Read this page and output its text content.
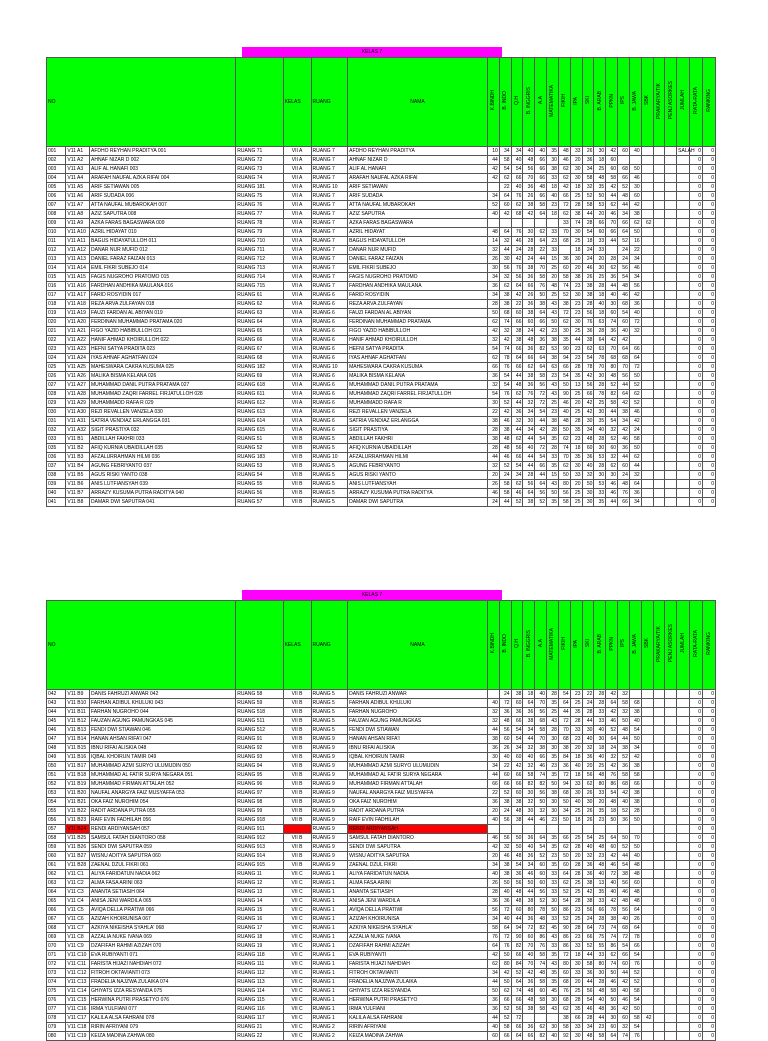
KELAS 7
NO				KELAS	RUANG	NAMA	K.BINDH	B. INDO	Q.H	B. INGGRIS	A.A	MATEMATIKA	FIKIH	IPA	SKI	B. ARAB	PPKN	IPS	B. JAWA	SBK	PRAKARYA/TIK	PENJ ASORKES	JUMLAH	RATA-RATA	RANKING
001	V11 A1	AFDHO REYHAN PRADITYA 001	RUANG 71	VII A	RUANG 7	AFDHO REYHAN PRADITYA	10	34	34	40	40	35	48	33	26	30	42	60	40				SALAH	0	0
002	V11 A2	AHNAF NIZAR D 002	RUANG 72	VII A	RUANG 7	AHNAF NIZAR D	44	58	40	48	66	30	46	20	36	18	60							0	0
003	V11 A3	ALIF AL HANAFI 003	RUANG 73	VII A	RUANG 7	ALIF AL HANAFI	42	54	54	56	66	38	62	30	34	25	60	68	50					0	0
004	V11 A4	ARAFAH NAUFAL AZKA RIFAI 004	RUANG 74	VII A	RUANG 7	ARAFAH NAUFAL AZKA RIFAI	42	62	66	70	66	33	62	30	58	48	58	66	46					0	0
005	V11 A5	ARIF SETIAWAN 005	RUANG 181	VII A	RUANG 10	ARIF SETIAWAN		22	40	36	48	18	42	18	32	35	42	52	30					0	0
006	V11 A6	ARIF SUDADA 006	RUANG 75	VII A	RUANG 7	ARIF SUDADA	34	64	76	26	66	40	66	25	52	50	44	48	60					0	0
007	V11 A7	ATTA NAUFAL MUBAROKAH 007	RUANG 76	VII A	RUANG 7	ATTA NAUFAL MUBAROKAH	52	60	62	38	58	23	72	28	58	53	62	44	42					0	0
008	V11 A8	AZIZ SAPUTRA 008	RUANG 77	VII A	RUANG 7	AZIZ SAPUTRA	40	42	68	42	64	18	62	38	44	20	46	34	38					0	0
009	V11 A9	AZKA FARAS BAGASWARA 009	RUANG 78	VII A	RUANG 7	AZKA FARAS BAGASWARA							33	74	28	66	70	66	62	62				0	0
010	V11 A10	AZRIL HIDAYAT 010	RUANG 79	VII A	RUANG 7	AZRIL HIDAYAT	48	64	76	30	62	33	70	30	54	60	66	64	50					0	0
011	V11 A11	BAGUS HIDAYATULLOH 011	RUANG 710	VII A	RUANG 7	BAGUS HIDAYATULLOH	14	32	46	28	64	23	68	25	18	33	44	52	16					0	0
012	V11 A12	DANAR NUR MUFID 012	RUANG 711	VII A	RUANG 7	DANAR NUR MUFID	32	44	24	28	22	33		18	24	33		24	22					0	0
013	V11 A13	DANIEL FARAZ FAIZAN 013	RUANG 712	VII A	RUANG 7	DANIEL FARAZ FAIZAN	26	30	42	24	44	15	36	30	24	20	28	24	34					0	0
014	V11 A14	EMIL FIKRI SUBEJO 014	RUANG 713	VII A	RUANG 7	EMIL FIKRI SUBEJO	30	56	76	38	70	25	60	20	46	30	62	56	46					0	0
015	V11 A15	FAGIS NUGROHO PRATOMO 015	RUANG 714	VII A	RUANG 7	FAGIS NUGROHO PRATOMO	34	32	56	36	58	20	58	38	26	25	36	54	34					0	0
016	V11 A16	FARDHAN ANDHIKA MAULANA 016	RUANG 715	VII A	RUANG 7	FARDHAN ANDHIKA MAULANA	36	62	64	66	76	48	74	23	38	28	44	48	56					0	0
017	V11 A17	FARID ROSYIDIN 017	RUANG 61	VII A	RUANG 6	FARID ROSYIDIN	34	38	42	26	50	25	52	30	38	18	40	46	42					0	0
018	V11 A18	REZA ARVA ZULFAYAN 018	RUANG 62	VII A	RUANG 6	REZA ARVA ZULFAYAN	28	38	22	36	38	43	38	23	28	40	30	68	36					0	0
019	V11 A19	FAUZI FARDAN AL ABIYAN 019	RUANG 63	VII A	RUANG 6	FAUZI FARDAN AL ABIYAN	50	68	60	38	64	43	72	23	56	18	60	54	40					0	0
020	V11 A20	FERDINAN MUHAMMAD PRATAMA 020	RUANG 64	VII A	RUANG 6	FERDINAN MUHAMMAD PRATAMA	62	74	66	60	66	50	62	30	76	63	74	60	72					0	0
021	V11 A21	FIGO YAZID HABIBULLOH 021	RUANG 65	VII A	RUANG 6	FIGO YAZID HABIBULLOH	42	32	38	24	42	23	30	25	36	28	36	40	32					0	0
022	V11 A22	HANIF AHMAD KHOIRULLOH 022	RUANG 66	VII A	RUANG 6	HANIF AHMAD KHOIRULLOH	32	42	38	48	36	38	35	44	38	64	42	42						0	0
023	V11 A23	HEFNI SATYA PRADITA 023	RUANG 67	VII A	RUANG 6	HEFNI SATYA PRADITA	54	74	66	36	82	53	90	23	62	63	70	64	66					0	0
024	V11 A24	IYAS AHNAF AGHATFAN 024	RUANG 68	VII A	RUANG 6	IYAS AHNAF AGHATFAN	62	78	64	66	64	38	94	23	54	78	68	68	64					0	0
025	V11 A25	MAHESWARA CAKRA KUSUMA 025	RUANG 182	VII A	RUANG 10	MAHESWARA CAKRA KUSUMA	66	76	66	62	64	63	66	28	78	70	80	70	72					0	0
026	V11 A26	MALIKA BISMA KELANA 026	RUANG 69	VII A	RUANG 6	MALIKA BISMA KELANA	36	54	44	38	58	23	54	35	42	30	48	56	50					0	0
027	V11 A27	MUHAMMAD DANIL PUTRA PRATAMA 027	RUANG 618	VII A	RUANG 6	MUHAMMAD DANIL PUTRA PRATAMA	32	54	48	36	56	43	50	13	56	28	52	44	52					0	0
028	V11 A28	MUHAMMAD ZAQRI FARREL FIRJATULLOH 028	RUANG 611	VII A	RUANG 6	MUHAMMAD ZAQRI FARREL FIRJATULLOH	54	76	62	76	72	43	90	25	66	78	82	64	62					0	0
029	V11 A29	MUHAMMADD RAFA R 029	RUANG 612	VII A	RUANG 6	MUHAMMADD RAFA R	30	52	44	32	72	25	46	20	42	25	58	42	52					0	0
030	V11 A30	REZI REVALLEN VANZELA 030	RUANG 613	VII A	RUANG 6	REZI REVALLEN VANZELA	22	42	36	34	54	23	40	25	42	30	44	38	46					0	0
031	V11 A31	SATRIA VENDIAZ ERLANGGA 031	RUANG 614	VII A	RUANG 6	SATRIA VENDIAZ ERLANGGA	38	46	32	30	44	38	48	28	30	35	54	34	42					0	0
032	V11 A32	SIGIT PRASTIYA 032	RUANG 615	VII A	RUANG 6	SIGIT PRASTIYA	28	38	44	34	42	28	50	35	34	40	32	42	24					0	0
033	V11 B1	ABDILLAH FAKHRI 033	RUANG 51	VII B	RUANG 5	ABDILLAH FAKHRI	38	48	62	44	54	35	62	23	48	28	52	46	58					0	0
035	V11 B2	AFIQ KURNIA UBAIDILLAH 035	RUANG 52	VII B	RUANG 5	AFIQ KURNIA UBAIDILLAH	28	48	56	40	72	28	74	18	60	30	60	36	50					0	0
036	V11 B3	AFZALURRAHMAN HILMI 036	RUANG 183	VII B	RUANG 10	AFZALURRAHMAN HILMI	44	46	66	44	54	33	70	35	36	53	32	44	62					0	0
037	V11 B4	AGUNG FEBRIYANTO 037	RUANG 53	VII B	RUANG 5	AGUNG FEBRIYANTO	32	52	54	44	66	35	62	30	40	28	62	60	44					0	0
038	V11 B5	AGUS RISKI YANTO 038	RUANG 54	VII B	RUANG 5	AGUS RISKI YANTO	20	24	34	28	44	15	50	33	32	30	30	24	32					0	0
039	V11 B6	ANIS LUTFIANSYAH 039	RUANG 55	VII B	RUANG 5	ANIS LUTFIANSYAH	26	58	62	56	64	43	80	20	50	53	46	48	64					0	0
040	V11 B7	ARRAZY KUSUMA PUTRA RADITYA 040	RUANG 56	VII B	RUANG 5	ARRAZY KUSUMA PUTRA RADITYA	46	58	46	64	56	50	56	25	30	33	46	76	36					0	0
041	V11 B8	DAMAR DWI SAPUTRA 041	RUANG 57	VII B	RUANG 5	DAMAR DWI SAPUTRA	24	44	52	38	52	35	58	25	30	35	44	66	34					0	0
KELAS 7
NO				KELAS	RUANG	NAMA	K.BINDH	B. INDO	Q.H	B. INGGRIS	A.A	MATEMATIKA	FIKIH	IPA	SKI	B. ARAB	PPKN	IPS	B. JAWA	SBK	PRAKARYA/TIK	PENJ ASORKES	JUMLAH	RATA-RATA	RANKING
042	V11 B9	DANIS FAHRUZI ANWAR 042	RUANG 58	VII B	RUANG 5	DANIS FAHRUZI ANWAR		24	38	18	40	28	54	23	22	28	42	32						0	0
043	V11 B10	FARHAN ADIBUL KHULUKI 043	RUANG 59	VII B	RUANG 5	FARHAN ADIBUL KHULUKI	40	72	60	64	70	35	64	25	24	28	64	58	68					0	0
044	V11 B11	FARHAN NUGROHO 044	RUANG 518	VII B	RUANG 5	FARHAN NUGROHO	32	36	36	36	56	25	44	35	28	33	42	32	38					0	0
045	V11 B12	FAUZAN AGUNG PAMUNGKAS 045	RUANG 511	VII B	RUANG 5	FAUZAN AGUNG PAMUNGKAS	32	48	66	38	68	43	72	28	44	33	46	50	40					0	0
046	V11 B13	FENDI DWI STIAWAN 046	RUANG 512	VII B	RUANG 5	FENDI DWI STIAWAN	44	56	54	34	58	28	70	33	30	40	52	48	54					0	0
047	V11 B14	HANAN AHSAN RIFA'I 047	RUANG 91	VII B	RUANG 9	HANAN AHSAN RIFA'I	38	60	54	44	70	30	68	23	40	30	64	44	50					0	0
048	V11 B15	IBNU RIFAI ALISKIA 048	RUANG 92	VII B	RUANG 9	IBNU RIFAI ALISKIA	36	26	34	32	38	30	38	20	32	18	24	38	34					0	0
049	V11 B16	IQBAL KHOIRUN TAMIR 049	RUANG 93	VII B	RUANG 9	IQBAL KHOIRUN TAMIR	30	40	60	40	66	35	84	18	36	40	32	52	42					0	0
050	V11 B17	MUHAMMAD AZMI SURYO ULUMUDIN 050	RUANG 94	VII B	RUANG 9	MUHAMMAD AZMI SURYO ULUMUDIN	34	22	42	32	46	23	36	40	20	25	42	36	38					0	0
051	V11 B18	MUHAMMAD AL FATIR SURYA NEGARA 051	RUANG 95	VII B	RUANG 9	MUHAMMAD AL FATIR SURYA NEGARA	44	60	66	58	74	35	72	18	56	48	76	58	58					0	0
052	V11 B19	MUHAMMAD FIRMAN ATTALAH 052	RUANG 96	VII B	RUANG 9	MUHAMMAD FIRMAN ATTALAH	66	66	66	82	82	50	94	33	62	80	86	68	66					0	0
053	V11 B20	NAUFAL ANARGYA FAIZ MUSYAFFA 053	RUANG 97	VII B	RUANG 9	NAUFAL ANARGYA FAIZ MUSYAFFA	22	52	60	30	56	38	68	30	26	33	54	42	38					0	0
054	V11 B21	OKA FAIZ NUROHIM 054	RUANG 98	VII B	RUANG 9	OKA FAIZ NUROHIM	36	38	38	32	50	30	50	40	30	20	48	40	38					0	0
055	V11 B22	RADIT ARDANA PUTRA 055	RUANG 99	VII B	RUANG 9	RADIT ARDANA PUTRA	20	24	48	30	32	30	34	25	26	35	18	52	28					0	0
056	V11 B23	RAIF EVIN FADHILAH 056	RUANG 918	VII B	RUANG 9	RAIF EVIN FADHILAH	40	56	38	44	46	23	50	18	26	23	50	36	50					0	0
057	V11 B24	RENDI ARDIYANSAH 057	RUANG 911	VII B	RUANG 9	RENDI ARDIYANSAH																		0	0
058	V11 B25	SAMSUL FATAH DIANTORO 058	RUANG 912	VII B	RUANG 9	SAMSUL FATAH DIANTORO	46	56	50	36	64	35	66	25	54	25	64	50	70					0	0
059	V11 B26	SENDI DWI SAPUTRA 059	RUANG 913	VII B	RUANG 9	SENDI DWI SAPUTRA	42	32	50	40	54	35	62	28	40	48	60	52	50					0	0
060	V11 B27	WISNU ADITYA SAPUTRA 060	RUANG 914	VII B	RUANG 9	WISNU ADITYA SAPUTRA	20	46	48	36	52	23	50	20	32	23	42	44	40					0	0
061	V11 B28	ZAENAL DZUL FIKRI 061	RUANG 915	VII B	RUANG 9	ZAENAL DZUL FIKRI	34	38	54	34	60	35	60	28	36	48	46	54	48					0	0
062	V11 C1	ALIYA FARIDATUN NADIA 062	RUANG 11	VII C	RUANG 1	ALIYA FARIDATUN NADIA	40	38	36	46	60	33	64	28	36	40	72	38	48					0	0
063	V11 C2	ALMA FASA ARINI 063	RUANG 12	VII C	RUANG 1	ALMA FASA ARINI	26	50	56	50	60	33	62	25	38	13	40	56	60					0	0
064	V11 C3	ANANTA SETIASIH 064	RUANG 13	VII C	RUANG 1	ANANTA SETIASIH	28	40	48	44	56	33	52	25	42	35	40	46	48					0	0
065	V11 C4	ANISA JENI WARDILA 065	RUANG 14	VII C	RUANG 1	ANISA JENI WARDILA	36	36	48	38	52	30	54	28	38	33	42	48	48					0	0
066	V11 C5	AVIQA DELLA PRATIWI 066	RUANG 15	VII C	RUANG 1	AVIQA DELLA PRATIWI	56	72	60	80	78	50	86	23	56	66	78	56	64					0	0
067	V11 C6	AZIZAH KHOIRUNISA 067	RUANG 16	VII C	RUANG 1	AZIZAH KHOIRUNISA	34	40	44	36	48	33	52	25	24	28	38	40	26					0	0
068	V11 C7	AZKIYA NIKEISHA SYAHLA' 068	RUANG 17	VII C	RUANG 1	AZKIYA NIKEISHA SYAHLA'	58	64	94	72	82	45	90	28	64	73	74	68	64					0	0
069	V11 C8	AZZALIA NUKE IVANA 069	RUANG 18	VII C	RUANG 1	AZZALIA NUKE IVANA	76	72	90	60	86	43	86	23	66	75	74	72	78					0	0
070	V11 C9	DZAFIFAH RAHMI AZIZAH 070	RUANG 19	VII C	RUANG 1	DZAFIFAH RAHMI AZIZAH	64	76	82	70	76	33	86	33	52	55	86	54	66					0	0
071	V11 C10	EVA RUBIYANTI 071	RUANG 118	VII C	RUANG 1	EVA RUBIYANTI	42	50	66	40	58	35	72	18	44	33	62	66	54					0	0
072	V11 C11	FARISTA HIJAZI NAHDIAH 072	RUANG 111	VII C	RUANG 1	FARISTA HIJAZI NAHDIAH	62	80	84	70	74	43	80	30	58	80	74	60	76					0	0
073	V11 C12	FITROH OKTAVIANTI 073	RUANG 112	VII C	RUANG 1	FITROH OKTAVIANTI	34	42	52	42	48	35	60	33	36	30	50	44	52					0	0
074	V11 C13	FRADELIA NAJZWA ZULAIKA 074	RUANG 113	VII C	RUANG 1	FRADELIA NAJZWA ZULAIKA	44	50	64	36	58	35	68	20	44	28	46	42	52					0	0
075	V11 C14	GHIYATS IZZA RESYANDA 075	RUANG 114	VII C	RUANG 1	GHIYATS IZZA RESYANDA	50	62	74	48	60	45	76	25	56	48	58	40	58					0	0
076	V11 C15	HERWINA PUTRI PRASETYO 076	RUANG 115	VII C	RUANG 1	HERWINA PUTRI PRASETYO	36	66	66	48	58	30	68	28	54	40	50	46	54					0	0
077	V11 C16	IRMA YULFIANI 077	RUANG 116	VII C	RUANG 1	IRMA YULFIANI	36	52	56	38	58	43	62	35	46	48	36	42	50					0	0
078	V11 C17	KALILA ALSA FAHRANI 078	RUANG 117	VII C	RUANG 1	KALILA ALSA FAHRANI	44	52	72				38	66	28	44	30	60	58	42				0	0
079	V11 C18	RIRIN AFRIYANI 079	RUANG 21	VII C	RUANG 2	RIRIN AFRIYANI	40	58	66	36	62	30	58	33	34	23	60	32	54					0	0
080	V11 C19	KEIZA MADINA ZAHWA 080	RUANG 22	VII C	RUANG 2	KEIZA MADINA ZAHWA	60	66	64	66	82	40	92	30	48	58	64	74	76					0	0
